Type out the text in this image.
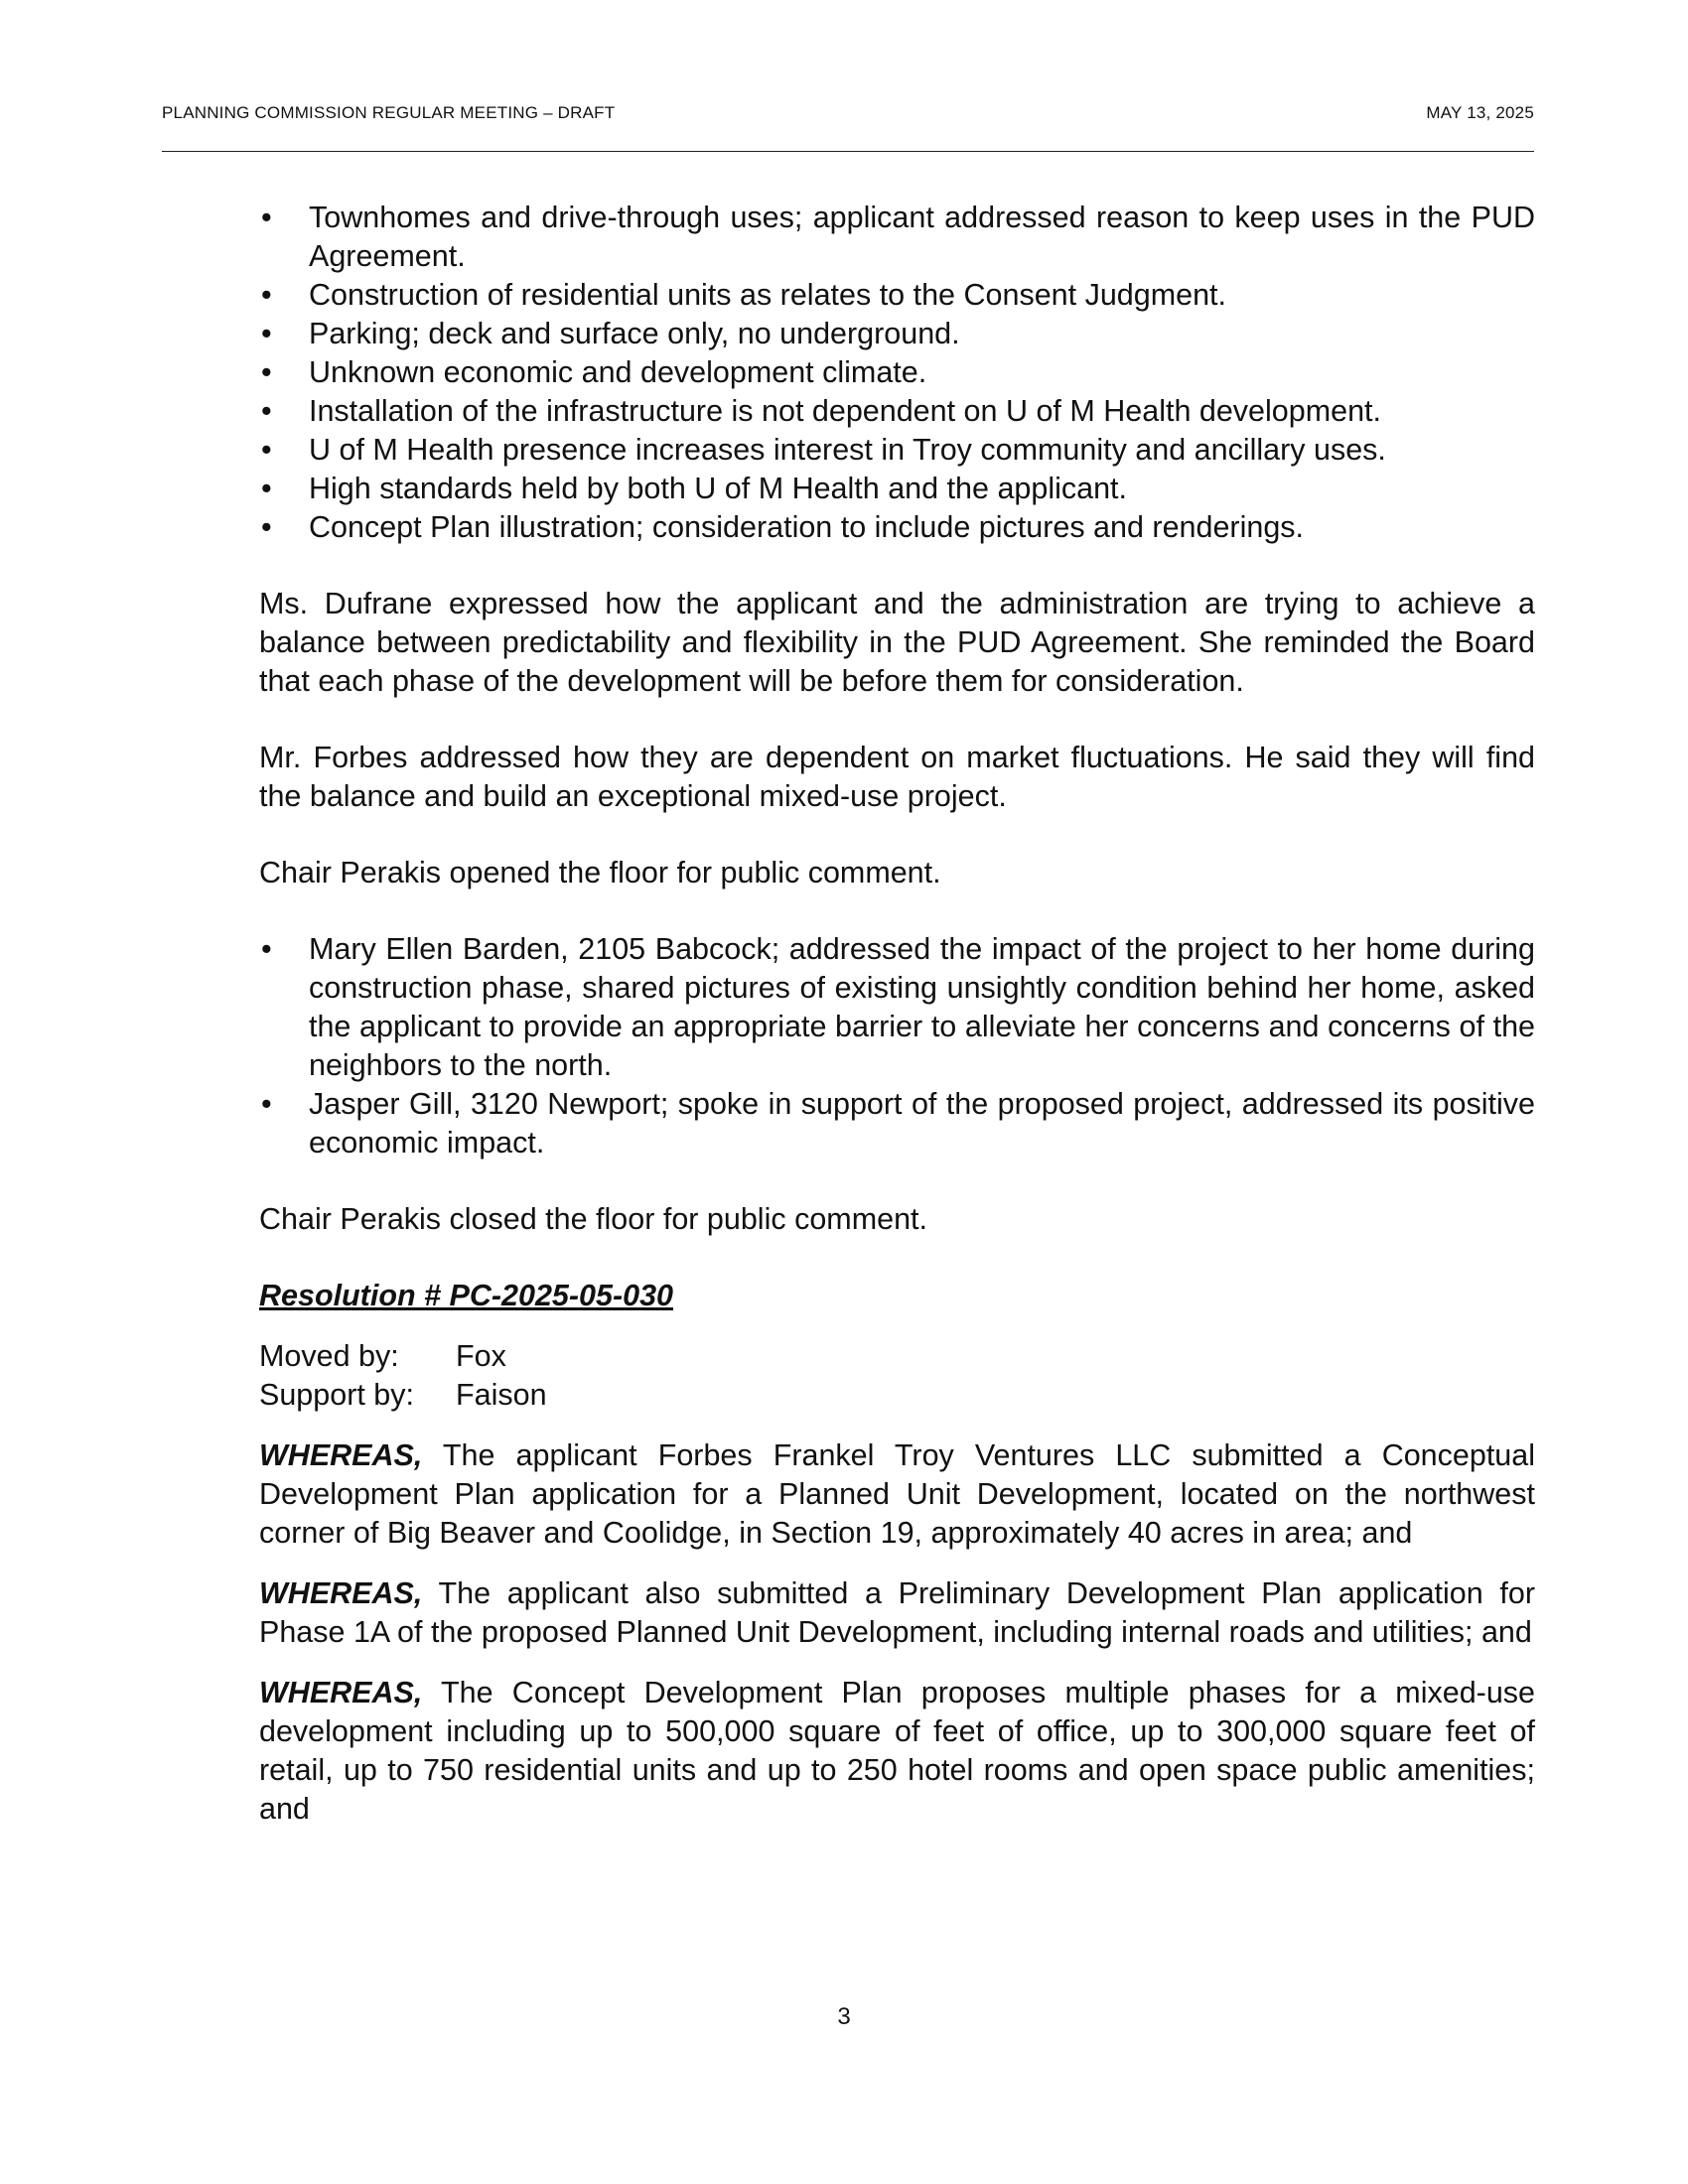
PLANNING COMMISSION REGULAR MEETING – DRAFT	MAY 13, 2025
• Townhomes and drive-through uses; applicant addressed reason to keep uses in the PUD Agreement.
• Construction of residential units as relates to the Consent Judgment.
• Parking; deck and surface only, no underground.
• Unknown economic and development climate.
• Installation of the infrastructure is not dependent on U of M Health development.
• U of M Health presence increases interest in Troy community and ancillary uses.
• High standards held by both U of M Health and the applicant.
• Concept Plan illustration; consideration to include pictures and renderings.

Ms. Dufrane expressed how the applicant and the administration are trying to achieve a balance between predictability and flexibility in the PUD Agreement. She reminded the Board that each phase of the development will be before them for consideration.

Mr. Forbes addressed how they are dependent on market fluctuations. He said they will find the balance and build an exceptional mixed-use project.

Chair Perakis opened the floor for public comment.

• Mary Ellen Barden, 2105 Babcock; addressed the impact of the project to her home during construction phase, shared pictures of existing unsightly condition behind her home, asked the applicant to provide an appropriate barrier to alleviate her concerns and concerns of the neighbors to the north.
• Jasper Gill, 3120 Newport; spoke in support of the proposed project, addressed its positive economic impact.

Chair Perakis closed the floor for public comment.

Resolution # PC-2025-05-030

Moved by:	Fox
Support by:	Faison

WHEREAS, The applicant Forbes Frankel Troy Ventures LLC submitted a Conceptual Development Plan application for a Planned Unit Development, located on the northwest corner of Big Beaver and Coolidge, in Section 19, approximately 40 acres in area; and

WHEREAS, The applicant also submitted a Preliminary Development Plan application for Phase 1A of the proposed Planned Unit Development, including internal roads and utilities; and

WHEREAS, The Concept Development Plan proposes multiple phases for a mixed-use development including up to 500,000 square of feet of office, up to 300,000 square feet of retail, up to 750 residential units and up to 250 hotel rooms and open space public amenities; and

3
